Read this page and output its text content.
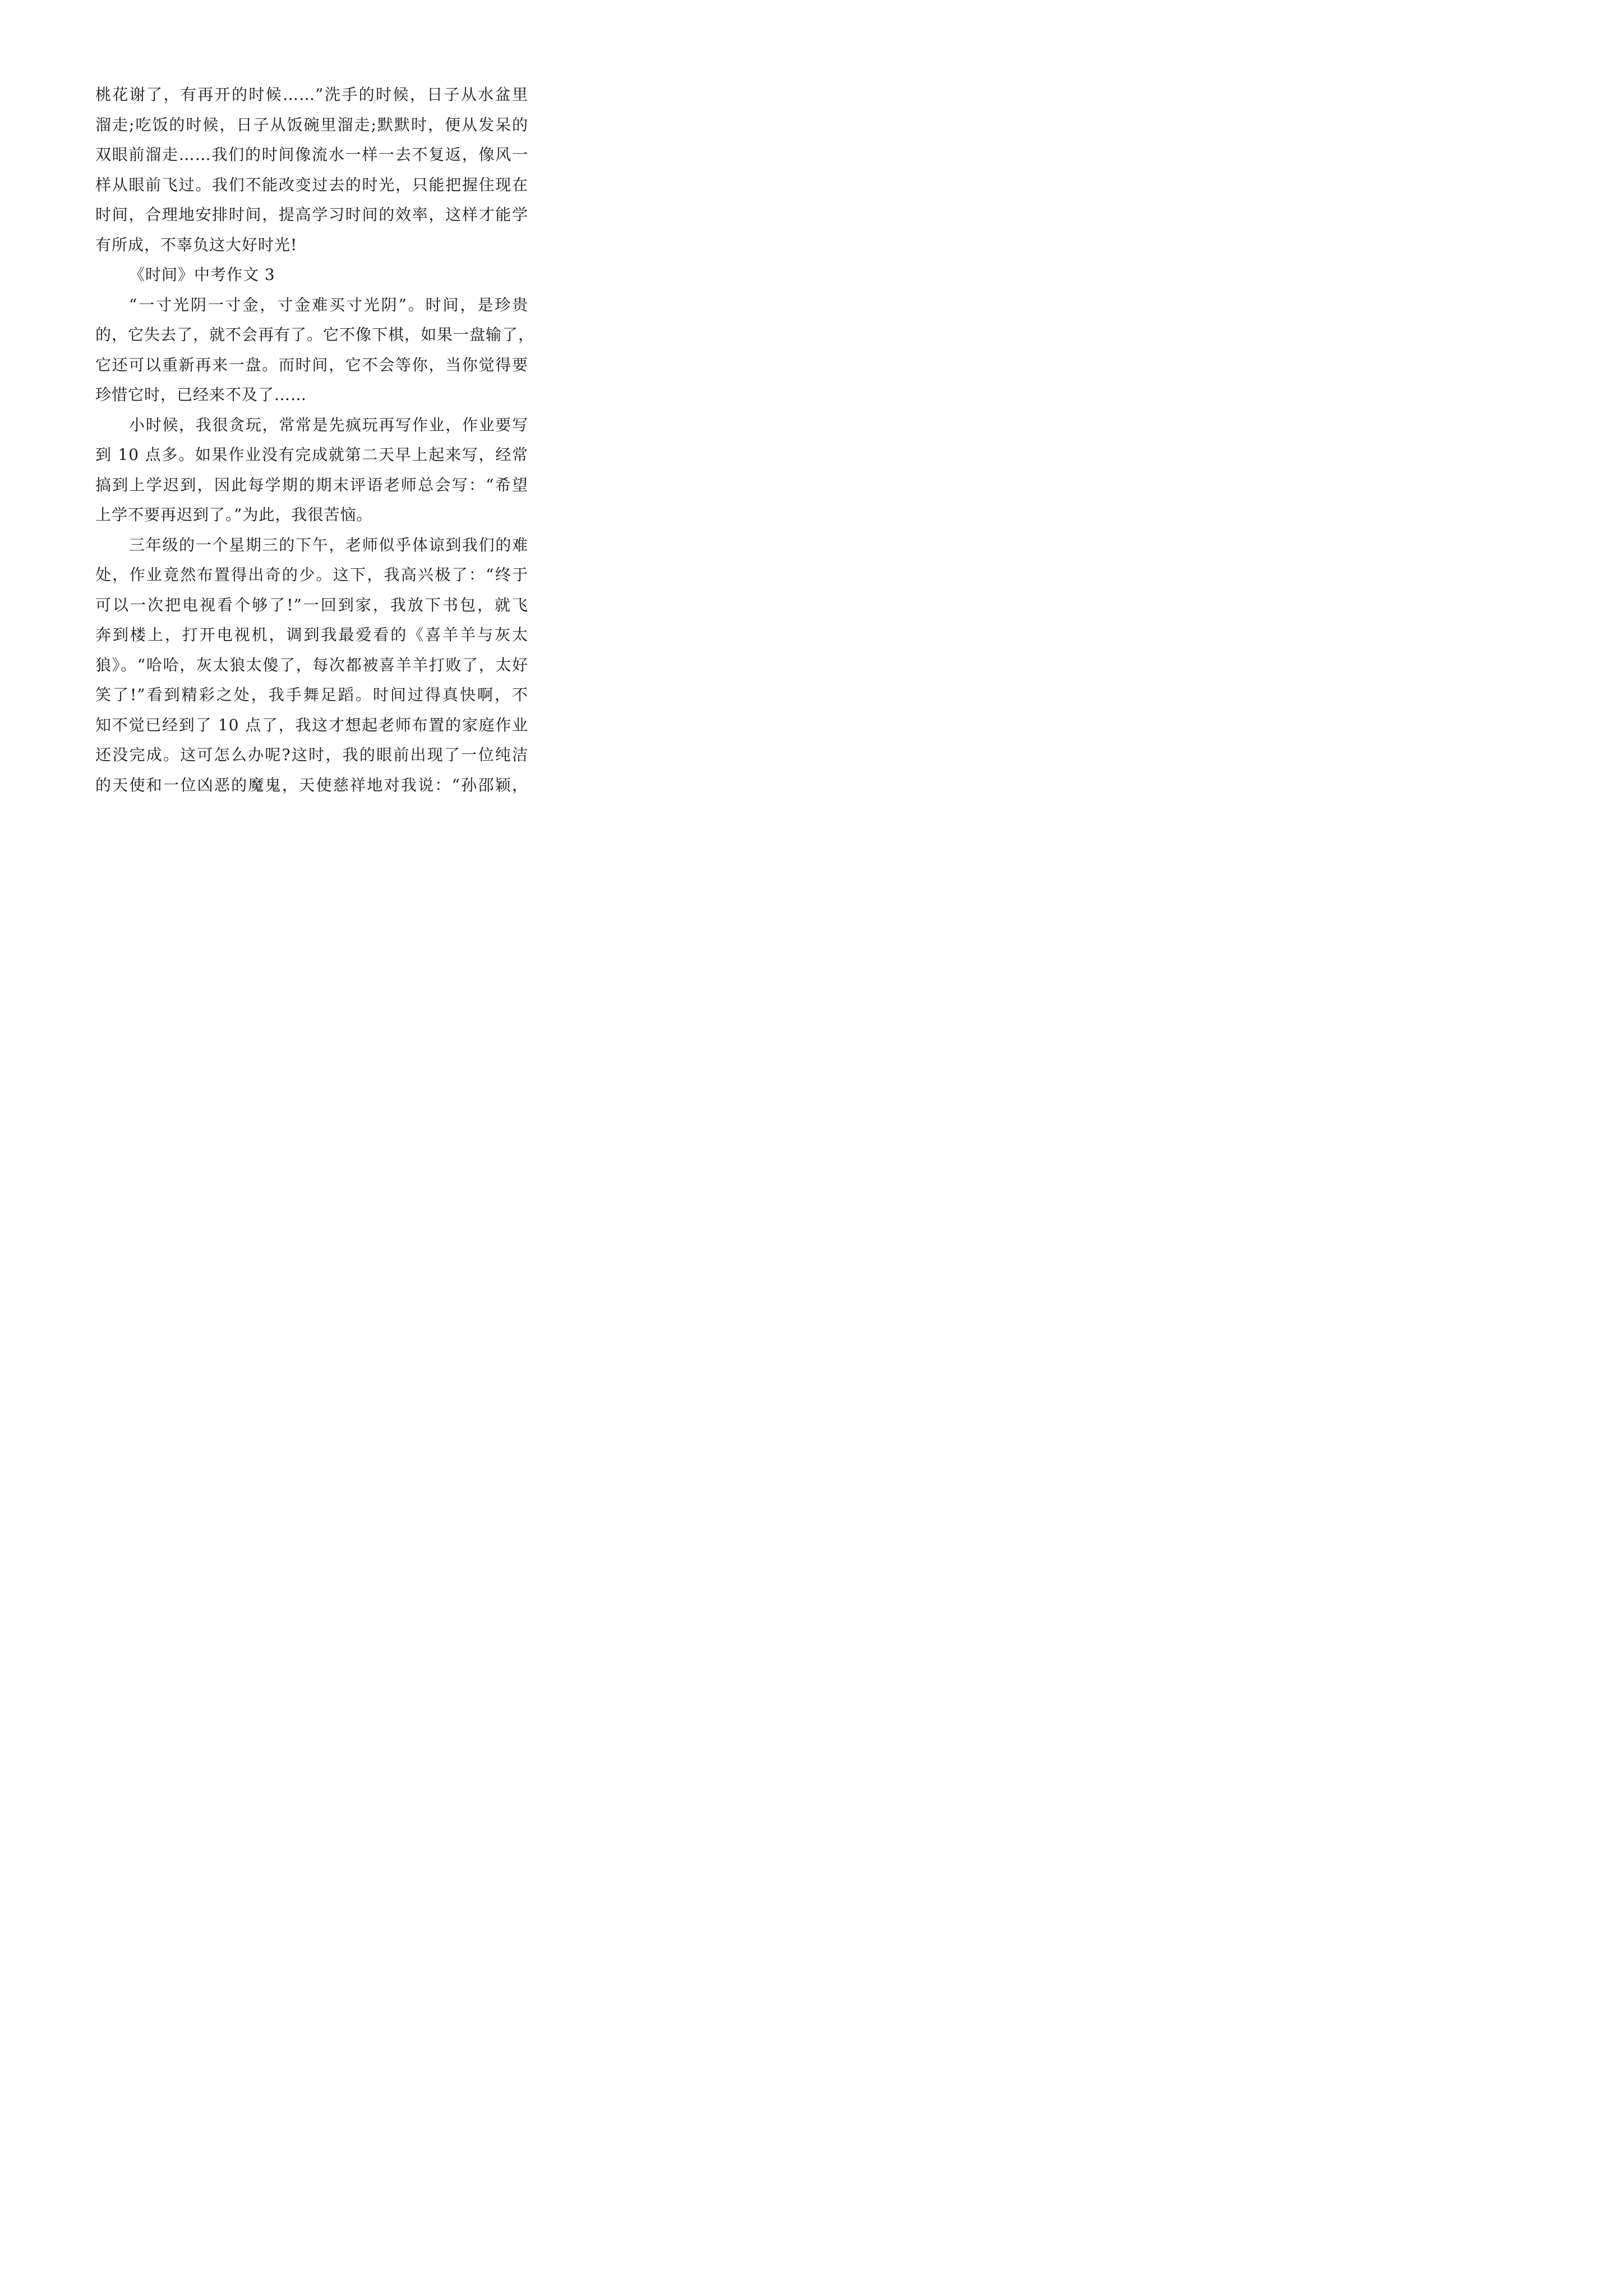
桃花谢了，有再开的时候……”洗手的时候，日子从水盆里
溜走;吃饭的时候，日子从饭碗里溜走;默默时，便从发呆的
双眼前溜走……我们的时间像流水一样一去不复返，像风一
样从眼前飞过。我们不能改变过去的时光，只能把握住现在
时间，合理地安排时间，提高学习时间的效率，这样才能学
有所成，不辜负这大好时光!
《时间》中考作文 3
“一寸光阴一寸金，寸金难买寸光阴”。时间，是珍贵
的，它失去了，就不会再有了。它不像下棋，如果一盘输了，
它还可以重新再来一盘。而时间，它不会等你，当你觉得要
珍惜它时，已经来不及了……
小时候，我很贪玩，常常是先疯玩再写作业，作业要写
到 10 点多。如果作业没有完成就第二天早上起来写，经常
搞到上学迟到，因此每学期的期末评语老师总会写：“希望
上学不要再迟到了。”为此，我很苦恼。
三年级的一个星期三的下午，老师似乎体谅到我们的难
处，作业竟然布置得出奇的少。这下，我高兴极了：“终于
可以一次把电视看个够了!”一回到家，我放下书包，就飞
奔到楼上，打开电视机，调到我最爱看的《喜羊羊与灰太
狼》。“哈哈，灰太狼太傻了，每次都被喜羊羊打败了，太好
笑了!”看到精彩之处，我手舞足蹈。时间过得真快啊，不
知不觉已经到了 10 点了，我这才想起老师布置的家庭作业
还没完成。这可怎么办呢?这时，我的眼前出现了一位纯洁
的天使和一位凶恶的魔鬼，天使慈祥地对我说：“孙邵颖，
